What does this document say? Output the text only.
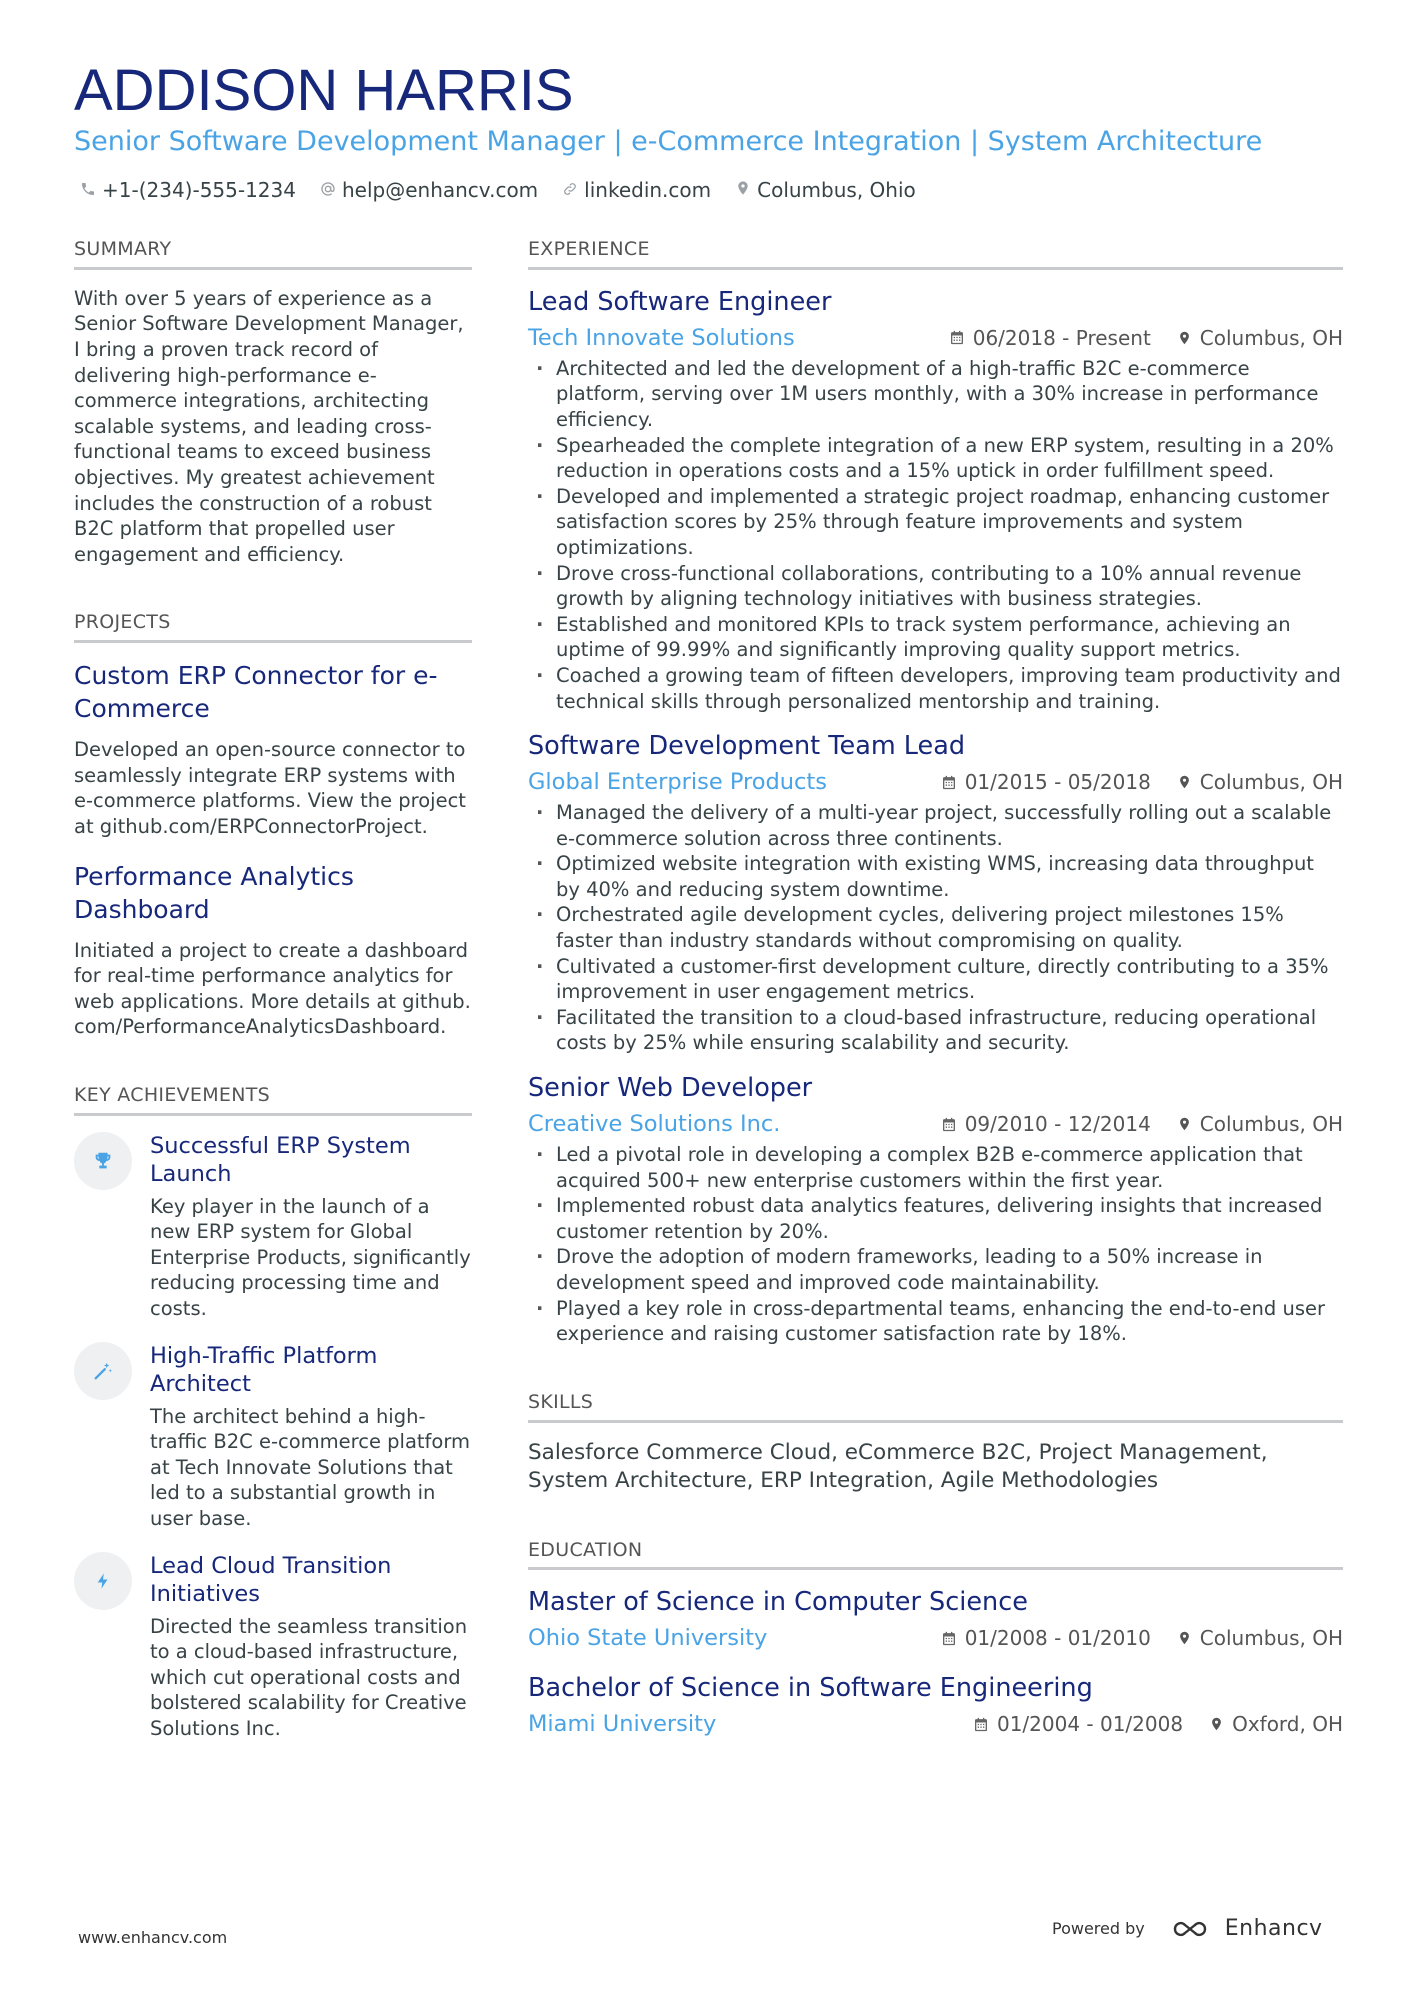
ADDISON HARRIS
Senior Software Development Manager | e-Commerce Integration | System Architecture
+1-(234)-555-1234 help@enhancv.com linkedin.com Columbus, Ohio
SUMMARY

With over 5 years of experience as a Senior Software Development Manager, I bring a proven track record of delivering high-performance e-commerce integrations, architecting scalable systems, and leading cross-functional teams to exceed business objectives. My greatest achievement includes the construction of a robust B2C platform that propelled user engagement and efficiency.

PROJECTS
Custom ERP Connector for e-Commerce

Developed an open-source connector to seamlessly integrate ERP systems with e-commerce platforms. View the project at github.com/ERPConnectorProject.

Performance Analytics Dashboard

Initiated a project to create a dashboard for real-time performance analytics for web applications. More details at github.com/PerformanceAnalyticsDashboard.

KEY ACHIEVEMENTS
Successful ERP System Launch

Key player in the launch of a new ERP system for Global Enterprise Products, significantly reducing processing time and costs.

High-Traffic Platform Architect

The architect behind a high-traffic B2C e-commerce platform at Tech Innovate Solutions that led to a substantial growth in user base.

Lead Cloud Transition Initiatives

Directed the seamless transition to a cloud-based infrastructure, which cut operational costs and bolstered scalability for Creative Solutions Inc.

EXPERIENCE
Lead Software Engineer
Tech Innovate Solutions	06/2018 - Present Columbus, OH
· Architected and led the development of a high-traffic B2C e-commerce platform, serving over 1M users monthly, with a 30% increase in performance efficiency.
· Spearheaded the complete integration of a new ERP system, resulting in a 20% reduction in operations costs and a 15% uptick in order fulfillment speed.
· Developed and implemented a strategic project roadmap, enhancing customer satisfaction scores by 25% through feature improvements and system optimizations.
· Drove cross-functional collaborations, contributing to a 10% annual revenue growth by aligning technology initiatives with business strategies.
· Established and monitored KPIs to track system performance, achieving an uptime of 99.99% and significantly improving quality support metrics.
· Coached a growing team of fifteen developers, improving team productivity and technical skills through personalized mentorship and training.
Software Development Team Lead
Global Enterprise Products	01/2015 - 05/2018 Columbus, OH
· Managed the delivery of a multi-year project, successfully rolling out a scalable e-commerce solution across three continents.
· Optimized website integration with existing WMS, increasing data throughput by 40% and reducing system downtime.
· Orchestrated agile development cycles, delivering project milestones 15% faster than industry standards without compromising on quality.
· Cultivated a customer-first development culture, directly contributing to a 35% improvement in user engagement metrics.
· Facilitated the transition to a cloud-based infrastructure, reducing operational costs by 25% while ensuring scalability and security.
Senior Web Developer
Creative Solutions Inc.	09/2010 - 12/2014 Columbus, OH
· Led a pivotal role in developing a complex B2B e-commerce application that acquired 500+ new enterprise customers within the first year.
· Implemented robust data analytics features, delivering insights that increased customer retention by 20%.
· Drove the adoption of modern frameworks, leading to a 50% increase in development speed and improved code maintainability.
· Played a key role in cross-departmental teams, enhancing the end-to-end user experience and raising customer satisfaction rate by 18%.
SKILLS

Salesforce Commerce Cloud, eCommerce B2C, Project Management, System Architecture, ERP Integration, Agile Methodologies

EDUCATION
Master of Science in Computer Science
Ohio State University	01/2008 - 01/2010 Columbus, OH
Bachelor of Science in Software Engineering
Miami University	01/2004 - 01/2008 Oxford, OH
www.enhancv.com	Powered by	Enhancv
